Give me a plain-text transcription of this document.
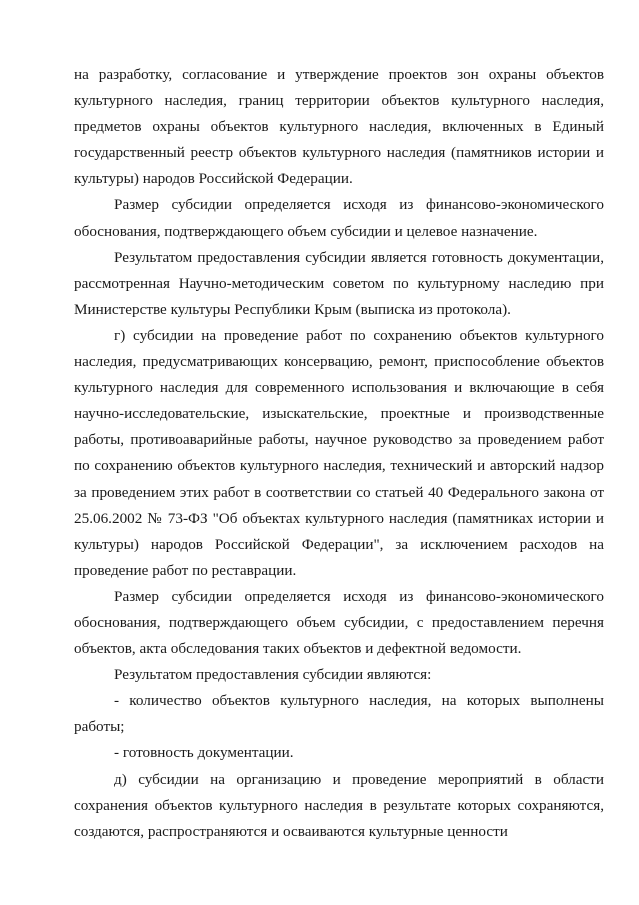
на разработку, согласование и утверждение проектов зон охраны объектов культурного наследия, границ территории объектов культурного наследия, предметов охраны объектов культурного наследия, включенных в Единый государственный реестр объектов культурного наследия (памятников истории и культуры) народов Российской Федерации.

Размер субсидии определяется исходя из финансово-экономического обоснования, подтверждающего объем субсидии и целевое назначение.

Результатом предоставления субсидии является готовность документации, рассмотренная Научно-методическим советом по культурному наследию при Министерстве культуры Республики Крым (выписка из протокола).

г) субсидии на проведение работ по сохранению объектов культурного наследия, предусматривающих консервацию, ремонт, приспособление объектов культурного наследия для современного использования и включающие в себя научно-исследовательские, изыскательские, проектные и производственные работы, противоаварийные работы, научное руководство за проведением работ по сохранению объектов культурного наследия, технический и авторский надзор за проведением этих работ в соответствии со статьей 40 Федерального закона от 25.06.2002 № 73-ФЗ "Об объектах культурного наследия (памятниках истории и культуры) народов Российской Федерации", за исключением расходов на проведение работ по реставрации.

Размер субсидии определяется исходя из финансово-экономического обоснования, подтверждающего объем субсидии, с предоставлением перечня объектов, акта обследования таких объектов и дефектной ведомости.

Результатом предоставления субсидии являются:

- количество объектов культурного наследия, на которых выполнены работы;

- готовность документации.

д) субсидии на организацию и проведение мероприятий в области сохранения объектов культурного наследия в результате которых сохраняются, создаются, распространяются и осваиваются культурные ценности
